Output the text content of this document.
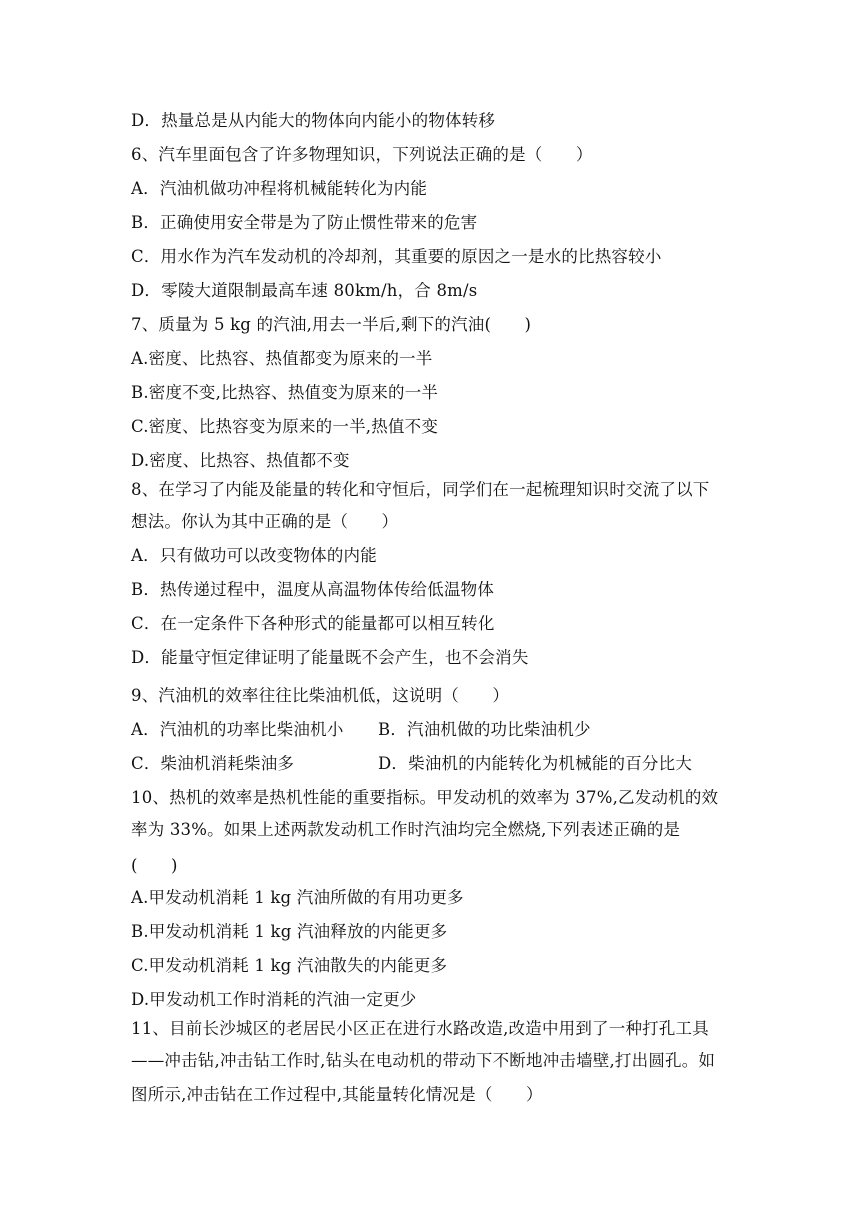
D．热量总是从内能大的物体向内能小的物体转移
6、汽车里面包含了许多物理知识，下列说法正确的是（　　）
A．汽油机做功冲程将机械能转化为内能
B．正确使用安全带是为了防止惯性带来的危害
C．用水作为汽车发动机的冷却剂，其重要的原因之一是水的比热容较小
D．零陵大道限制最高车速 80km/h，合 8m/s
7、质量为 5 kg 的汽油,用去一半后,剩下的汽油(　　)
A.密度、比热容、热值都变为原来的一半
B.密度不变,比热容、热值变为原来的一半
C.密度、比热容变为原来的一半,热值不变
D.密度、比热容、热值都不变
8、在学习了内能及能量的转化和守恒后，同学们在一起梳理知识时交流了以下
想法。你认为其中正确的是（　　）
A．只有做功可以改变物体的内能
B．热传递过程中，温度从高温物体传给低温物体
C．在一定条件下各种形式的能量都可以相互转化
D．能量守恒定律证明了能量既不会产生，也不会消失
9、汽油机的效率往往比柴油机低，这说明（　　）
A．汽油机的功率比柴油机小 B．汽油机做的功比柴油机少
C．柴油机消耗柴油多	D．柴油机的内能转化为机械能的百分比大
10、热机的效率是热机性能的重要指标。甲发动机的效率为 37%,乙发动机的效
率为 33%。如果上述两款发动机工作时汽油均完全燃烧,下列表述正确的是
(　　)
A.甲发动机消耗 1 kg 汽油所做的有用功更多
B.甲发动机消耗 1 kg 汽油释放的内能更多
C.甲发动机消耗 1 kg 汽油散失的内能更多
D.甲发动机工作时消耗的汽油一定更少
11、目前长沙城区的老居民小区正在进行水路改造,改造中用到了一种打孔工具
——冲击钻,冲击钻工作时,钻头在电动机的带动下不断地冲击墙壁,打出圆孔。如
图所示,冲击钻在工作过程中,其能量转化情况是（　　）
